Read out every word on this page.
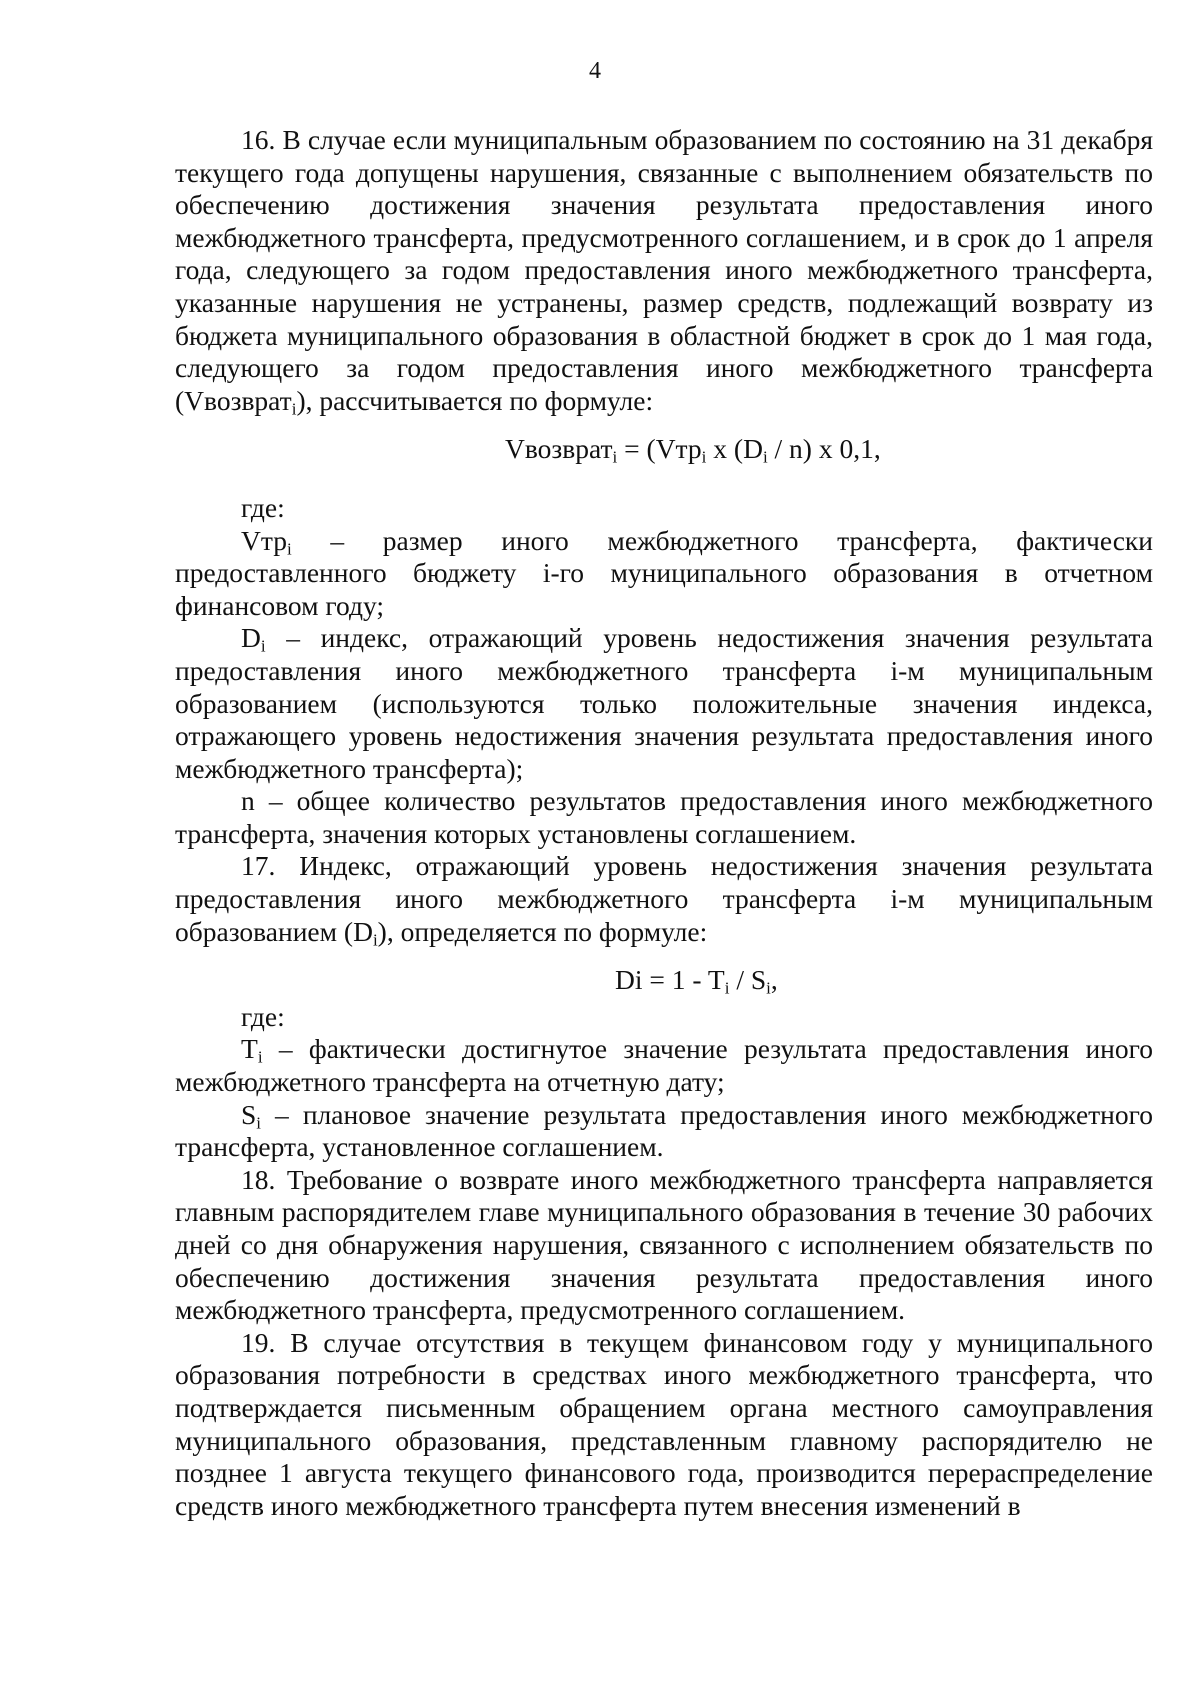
4

16. В случае если муниципальным образованием по состоянию на 31 декабря текущего года допущены нарушения, связанные с выполнением обязательств по обеспечению достижения значения результата предоставления иного межбюджетного трансферта, предусмотренного соглашением, и в срок до 1 апреля года, следующего за годом предоставления иного межбюджетного трансферта, указанные нарушения не устранены, размер средств, подлежащий возврату из бюджета муниципального образования в областной бюджет в срок до 1 мая года, следующего за годом предоставления иного межбюджетного трансферта (Vвозврат$_i$), рассчитывается по формуле:

Vвозврат$_i$ = (Vтр$_i$ x $(D_i / n)$ x 0,1,

где:

Vтр$_i$ – размер иного межбюджетного трансферта, фактически предоставленного бюджету i-го муниципального образования в отчетном финансовом году;

$D_i$ – индекс, отражающий уровень недостижения значения результата предоставления иного межбюджетного трансферта i-м муниципальным образованием (используются только положительные значения индекса, отражающего уровень недостижения значения результата предоставления иного межбюджетного трансферта);

n – общее количество результатов предоставления иного межбюджетного трансферта, значения которых установлены соглашением.

17. Индекс, отражающий уровень недостижения значения результата предоставления иного межбюджетного трансферта i-м муниципальным образованием $(D_i)$, определяется по формуле:

$Di = 1 - T_i / S_i$,

где:

$T_i$ – фактически достигнутое значение результата предоставления иного межбюджетного трансферта на отчетную дату;

$S_i$ – плановое значение результата предоставления иного межбюджетного трансферта, установленное соглашением.

18. Требование о возврате иного межбюджетного трансферта направляется главным распорядителем главе муниципального образования в течение 30 рабочих дней со дня обнаружения нарушения, связанного с исполнением обязательств по обеспечению достижения значения результата предоставления иного межбюджетного трансферта, предусмотренного соглашением.

19. В случае отсутствия в текущем финансовом году у муниципального образования потребности в средствах иного межбюджетного трансферта, что подтверждается письменным обращением органа местного самоуправления муниципального образования, представленным главному распорядителю не позднее 1 августа текущего финансового года, производится перераспределение средств иного межбюджетного трансферта путем внесения изменений в
